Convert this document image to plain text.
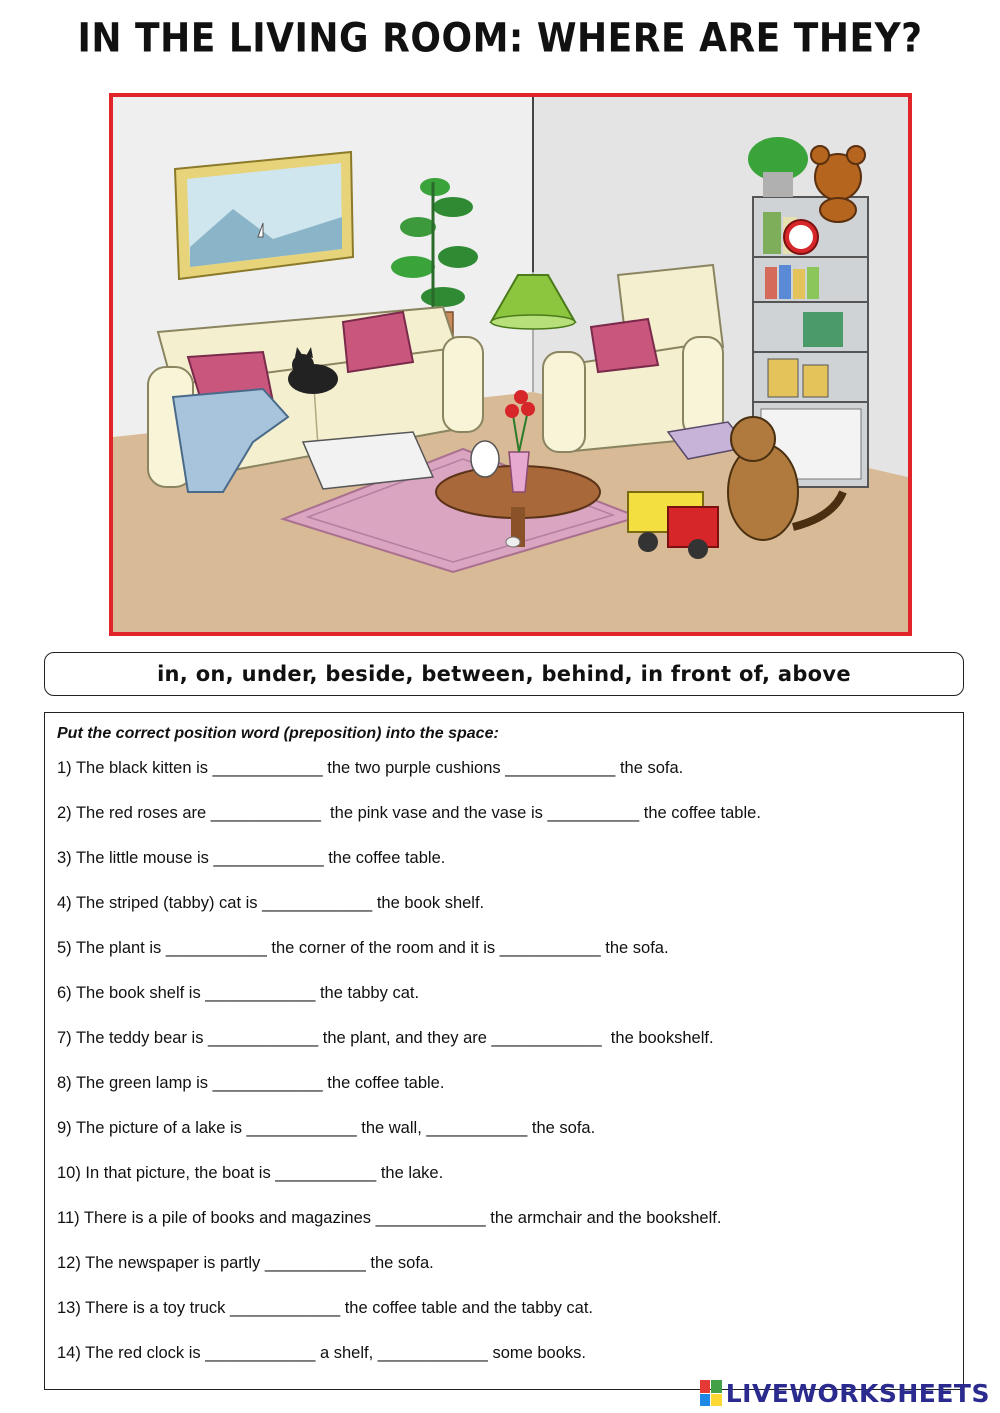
IN THE LIVING ROOM: WHERE ARE THEY?
in, on, under, beside, between, behind, in front of, above
Put the correct position word (preposition) into the space:
1) The black kitten is ____________ the two purple cushions ____________ the sofa.
2) The red roses are ____________  the pink vase and the vase is __________ the coffee table.
3) The little mouse is ____________ the coffee table.
4) The striped (tabby) cat is ____________ the book shelf.
5) The plant is ___________ the corner of the room and it is ___________ the sofa.
6) The book shelf is ____________ the tabby cat.
7) The teddy bear is ____________ the plant, and they are ____________  the bookshelf.
8) The green lamp is ____________ the coffee table.
9) The picture of a lake is ____________ the wall, ___________ the sofa.
10) In that picture, the boat is ___________ the lake.
11) There is a pile of books and magazines ____________ the armchair and the bookshelf.
12) The newspaper is partly ___________ the sofa.
13) There is a toy truck ____________ the coffee table and the tabby cat.
14) The red clock is ____________ a shelf, ____________ some books.
LIVEWORKSHEETS
